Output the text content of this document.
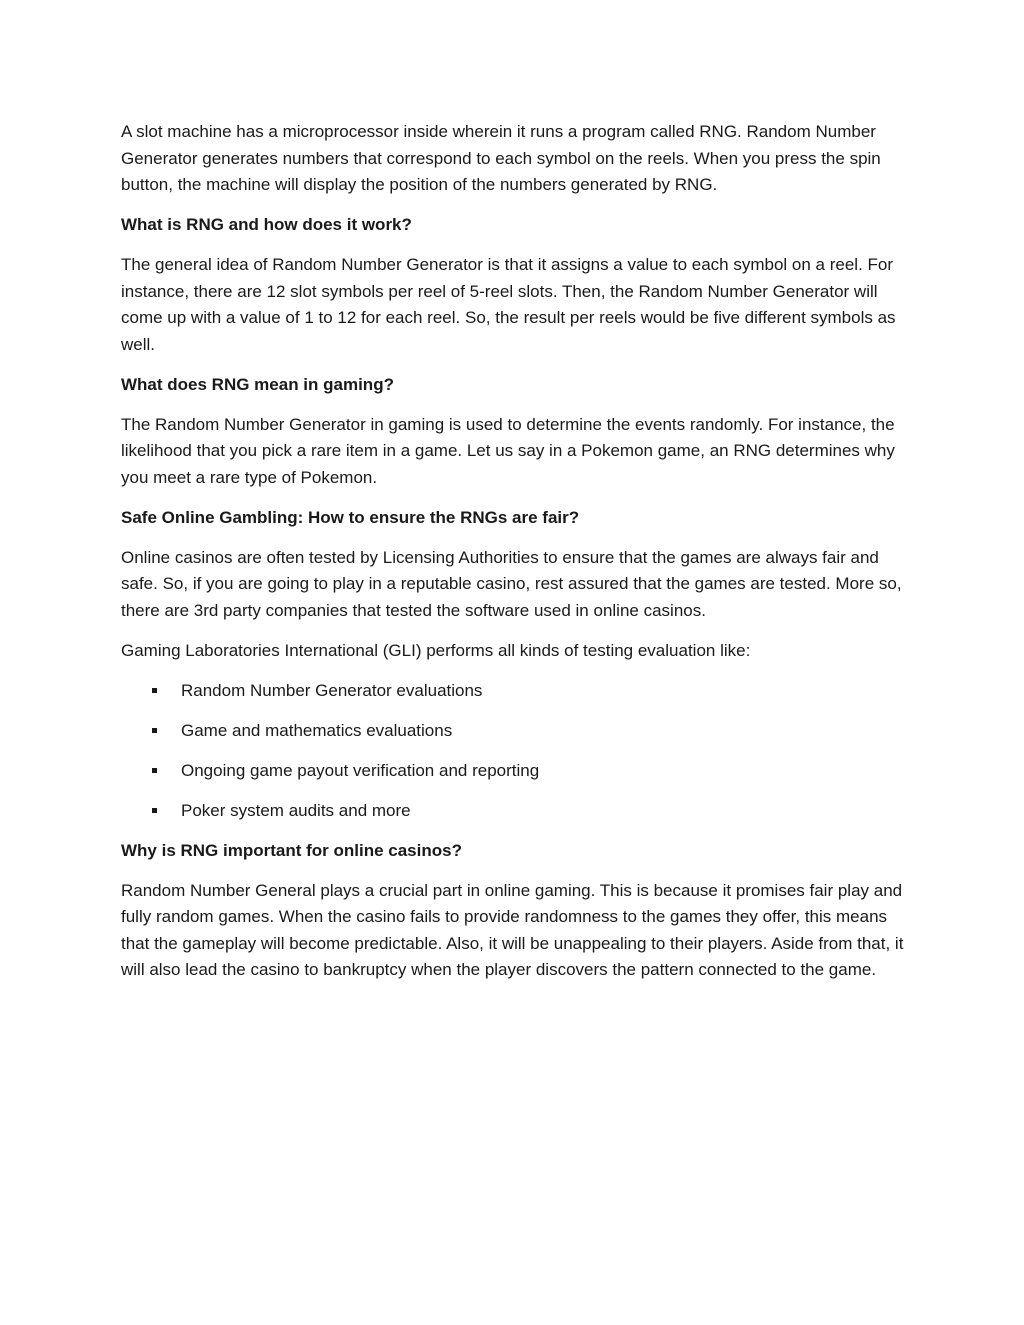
A slot machine has a microprocessor inside wherein it runs a program called RNG. Random Number Generator generates numbers that correspond to each symbol on the reels. When you press the spin button, the machine will display the position of the numbers generated by RNG.

What is RNG and how does it work?

The general idea of Random Number Generator is that it assigns a value to each symbol on a reel. For instance, there are 12 slot symbols per reel of 5-reel slots. Then, the Random Number Generator will come up with a value of 1 to 12 for each reel. So, the result per reels would be five different symbols as well.

What does RNG mean in gaming?

The Random Number Generator in gaming is used to determine the events randomly. For instance, the likelihood that you pick a rare item in a game. Let us say in a Pokemon game, an RNG determines why you meet a rare type of Pokemon.

Safe Online Gambling: How to ensure the RNGs are fair?

Online casinos are often tested by Licensing Authorities to ensure that the games are always fair and safe. So, if you are going to play in a reputable casino, rest assured that the games are tested. More so, there are 3rd party companies that tested the software used in online casinos.

Gaming Laboratories International (GLI) performs all kinds of testing evaluation like:

Random Number Generator evaluations
Game and mathematics evaluations
Ongoing game payout verification and reporting
Poker system audits and more

Why is RNG important for online casinos?

Random Number General plays a crucial part in online gaming. This is because it promises fair play and fully random games. When the casino fails to provide randomness to the games they offer, this means that the gameplay will become predictable. Also, it will be unappealing to their players. Aside from that, it will also lead the casino to bankruptcy when the player discovers the pattern connected to the game.
